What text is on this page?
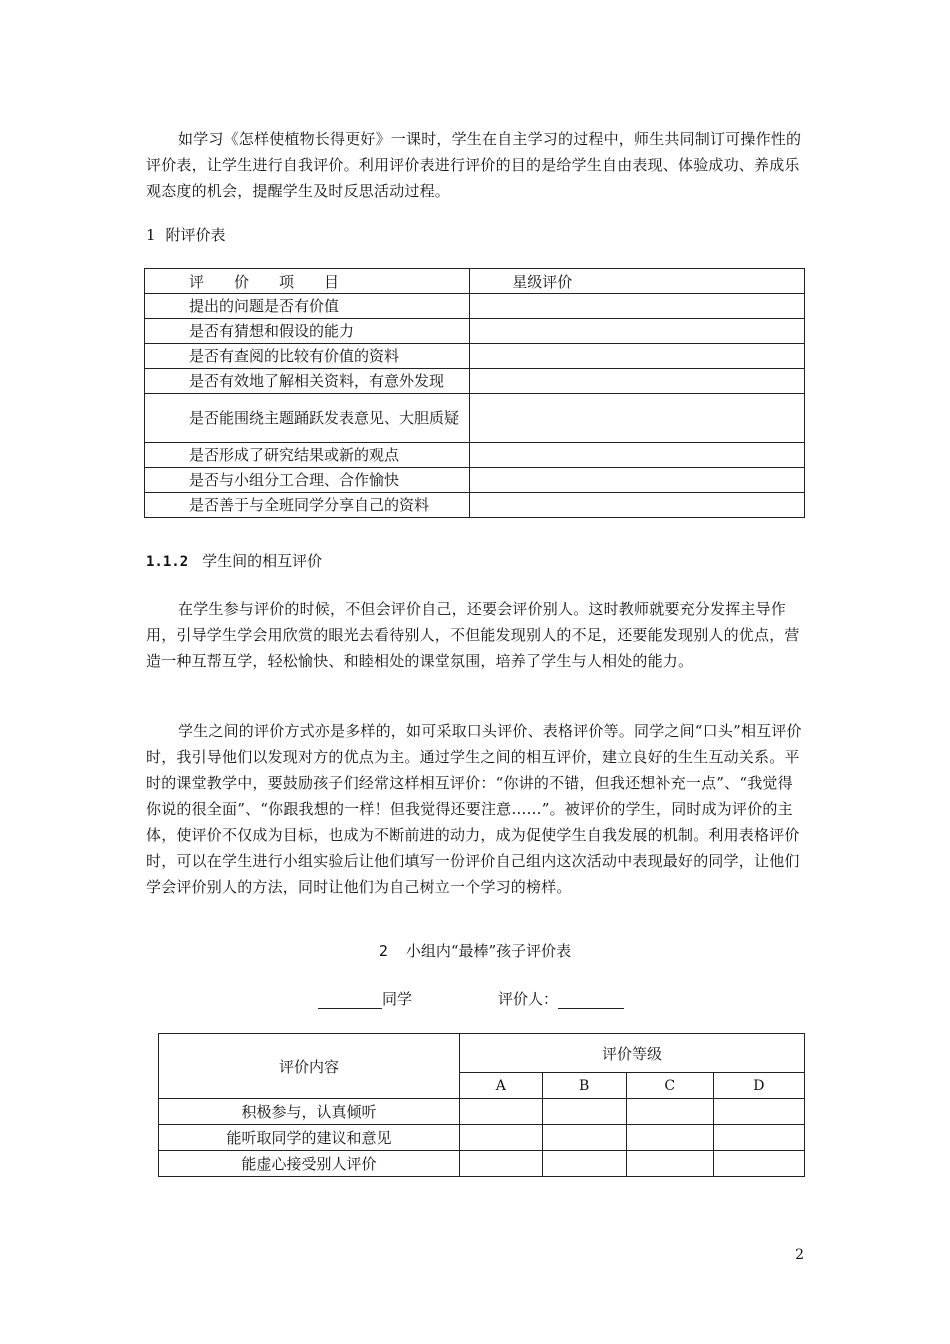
如学习《怎样使植物长得更好》一课时，学生在自主学习的过程中，师生共同制订可操作性的评价表，让学生进行自我评价。利用评价表进行评价的目的是给学生自由表现、体验成功、养成乐观态度的机会，提醒学生及时反思活动过程。

1 附评价表

评　　价　　项　　目	星级评价
提出的问题是否有价值	
是否有猜想和假设的能力	
是否有查阅的比较有价值的资料	
是否有效地了解相关资料，有意外发现	
是否能围绕主题踊跃发表意见、大胆质疑	
是否形成了研究结果或新的观点	
是否与小组分工合理、合作愉快	
是否善于与全班同学分享自己的资料	

1.1.2 学生间的相互评价

在学生参与评价的时候，不但会评价自己，还要会评价别人。这时教师就要充分发挥主导作用，引导学生学会用欣赏的眼光去看待别人，不但能发现别人的不足，还要能发现别人的优点，营造一种互帮互学，轻松愉快、和睦相处的课堂氛围，培养了学生与人相处的能力。

学生之间的评价方式亦是多样的，如可采取口头评价、表格评价等。同学之间“口头”相互评价时，我引导他们以发现对方的优点为主。通过学生之间的相互评价，建立良好的生生互动关系。平时的课堂教学中，要鼓励孩子们经常这样相互评价：“你讲的不错，但我还想补充一点”、“我觉得你说的很全面”、“你跟我想的一样！但我觉得还要注意……”。被评价的学生，同时成为评价的主体，使评价不仅成为目标，也成为不断前进的动力，成为促使学生自我发展的机制。利用表格评价时，可以在学生进行小组实验后让他们填写一份评价自己组内这次活动中表现最好的同学，让他们学会评价别人的方法，同时让他们为自己树立一个学习的榜样。

2 小组内“最棒”孩子评价表

同学	评价人：

评价内容	评价等级			
	A	B	C	D
积极参与，认真倾听				
能听取同学的建议和意见				
能虚心接受别人评价				

2
